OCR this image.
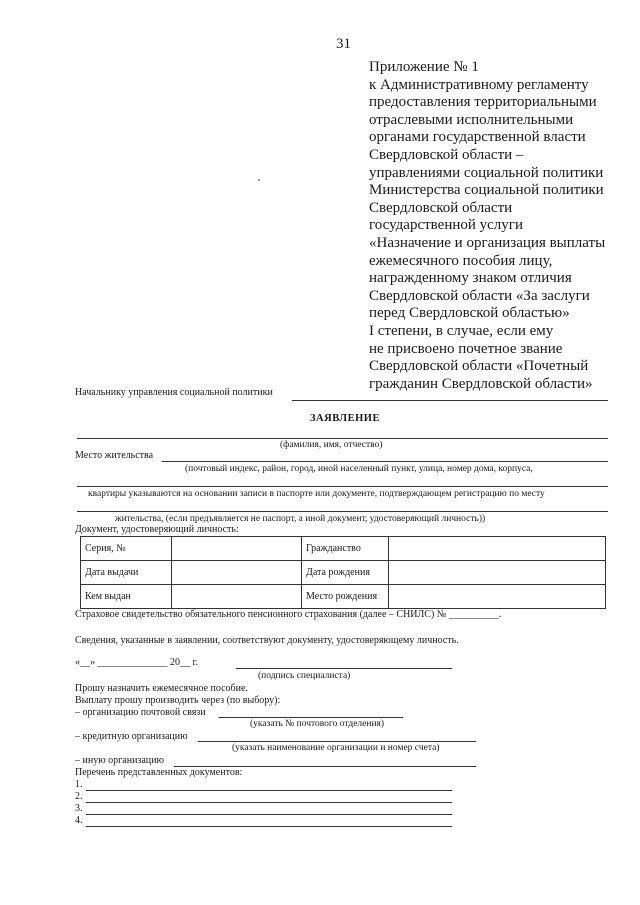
31
Приложение № 1
к Административному регламенту
предоставления территориальными
отраслевыми исполнительными
органами государственной власти
Свердловской области –
управлениями социальной политики
Министерства социальной политики
Свердловской области
государственной услуги
«Назначение и организация выплаты
ежемесячного пособия лицу,
награжденному знаком отличия
Свердловской области «За заслуги
перед Свердловской областью»
I степени, в случае, если ему
не присвоено почетное звание
Свердловской области «Почетный
гражданин Свердловской области»
Начальнику управления социальной политики
ЗАЯВЛЕНИЕ
(фамилия, имя, отчество)
Место жительства
(почтовый индекс, район, город, иной населенный пункт, улица, номер дома, корпуса,
квартиры указываются на основании записи в паспорте или документе, подтверждающем регистрацию по месту
жительства, (если предъявляется не паспорт, а иной документ, удостоверяющий личность))
Документ, удостоверяющий личность:
Серия, №		Гражданство	
Дата выдачи		Дата рождения	
Кем выдан		Место рождения	
Страховое свидетельство обязательного пенсионного страхования (далее – СНИЛС) № __________.
Сведения, указанные в заявлении, соответствуют документу, удостоверяющему личность.
«__» ______________ 20__ г.
(подпись специалиста)
Прошу назначить ежемесячное пособие.
Выплату прошу производить через (по выбору):
– организацию почтовой связи
(указать № почтового отделения)
– кредитную организацию
(указать наименование организации и номер счета)
– иную организацию
Перечень представленных документов:
1.
2.
3.
4.
